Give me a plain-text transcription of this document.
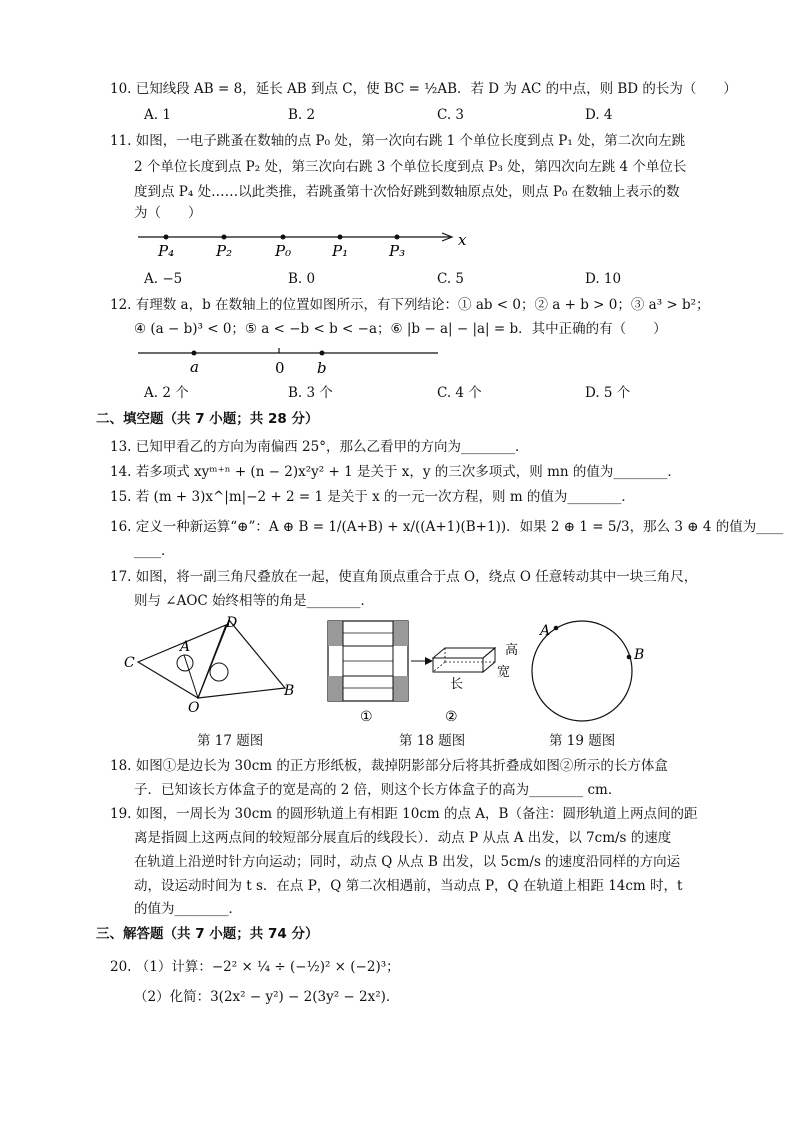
10. 已知线段 AB = 8，延长 AB 到点 C，使 BC = ½AB．若 D 为 AC 的中点，则 BD 的长为（　　）
A. 1	B. 2	C. 3	D. 4
11. 如图，一电子跳蚤在数轴的点 P₀ 处，第一次向右跳 1 个单位长度到点 P₁ 处，第二次向左跳
2 个单位长度到点 P₂ 处，第三次向右跳 3 个单位长度到点 P₃ 处，第四次向左跳 4 个单位长
度到点 P₄ 处……以此类推，若跳蚤第十次恰好跳到数轴原点处，则点 P₀ 在数轴上表示的数
为（　　）
P₄	P₂	P₀	P₁	P₃
x
A. −5	B. 0	C. 5	D. 10
12. 有理数 a，b 在数轴上的位置如图所示，有下列结论：① ab < 0；② a + b > 0；③ a³ > b²；
④ (a − b)³ < 0；⑤ a < −b < b < −a；⑥ |b − a| − |a| = b．其中正确的有（　　）
a	0 b
A. 2 个	B. 3 个	C. 4 个	D. 5 个
二、填空题（共 7 小题；共 28 分）
13. 已知甲看乙的方向为南偏西 25°，那么乙看甲的方向为________．
14. 若多项式 xyᵐ⁺ⁿ + (n − 2)x²y² + 1 是关于 x，y 的三次多项式，则 mn 的值为________．
15. 若 (m + 3)x^|m|−2 + 2 = 1 是关于 x 的一元一次方程，则 m 的值为________．
16. 定义一种新运算“⊕”：A ⊕ B = 1/(A+B) + x/((A+1)(B+1))．如果 2 ⊕ 1 = 5/3，那么 3 ⊕ 4 的值为____
____．
17. 如图，将一副三角尺叠放在一起，使直角顶点重合于点 O，绕点 O 任意转动其中一块三角尺，
则与 ∠AOC 始终相等的角是________．
C
A
D
O
B
①	②
高
宽
长
A
B
第 17 题图	第 18 题图	第 19 题图
18. 如图①是边长为 30cm 的正方形纸板，裁掉阴影部分后将其折叠成如图②所示的长方体盒
子．已知该长方体盒子的宽是高的 2 倍，则这个长方体盒子的高为________ cm．
19. 如图，一周长为 30cm 的圆形轨道上有相距 10cm 的点 A，B（备注：圆形轨道上两点间的距
离是指圆上这两点间的较短部分展直后的线段长）．动点 P 从点 A 出发，以 7cm/s 的速度
在轨道上沿逆时针方向运动；同时，动点 Q 从点 B 出发，以 5cm/s 的速度沿同样的方向运
动，设运动时间为 t s．在点 P，Q 第二次相遇前，当动点 P，Q 在轨道上相距 14cm 时，t
的值为________．
三、解答题（共 7 小题；共 74 分）
20. （1）计算：−2² × ¼ ÷ (−½)² × (−2)³；
（2）化简：3(2x² − y²) − 2(3y² − 2x²)．
